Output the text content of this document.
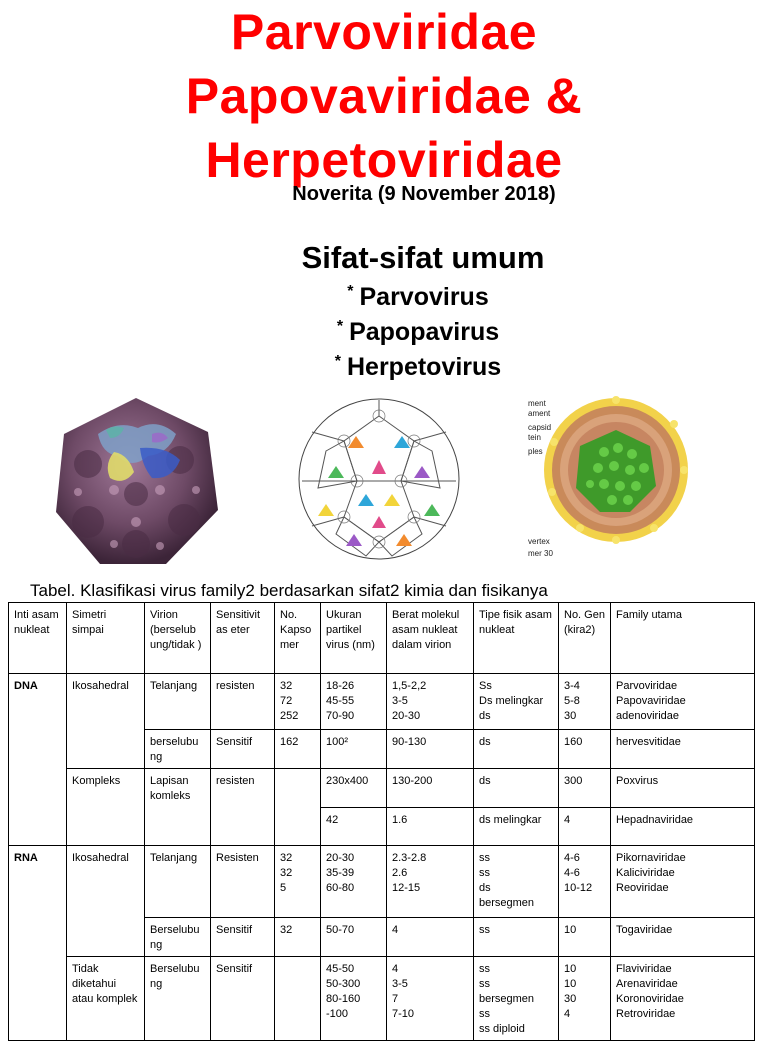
Parvoviridae
Papovaviridae &
Herpetoviridae
Noverita (9 November 2018)
Sifat-sifat umum
* Parvovirus
* Papopavirus
* Herpetovirus
ment
ament
capsid
tein
ples
vertex
mer 30
Tabel. Klasifikasi virus family2 berdasarkan sifat2 kimia dan fisikanya
Inti asam nukleat	Simetri simpai	Virion (berselub ung/tidak )	Sensitivit as eter	No. Kapso mer	Ukuran partikel virus (nm)	Berat molekul asam nukleat dalam virion	Tipe fisik asam nukleat	No. Gen (kira2)	Family utama
DNA	Ikosahedral	Telanjang	resisten	32
72
252	18-26
45-55
70-90	1,5-2,2
3-5
20-30	Ss
Ds melingkar
ds	3-4
5-8
30	Parvoviridae
Papovaviridae
adenoviridae
		berselubu ng	Sensitif	162	100²	90-130	ds	160	hervesvitidae
	Kompleks	Lapisan komleks	resisten		230x400	130-200	ds	300	Poxvirus
					42	1.6	ds melingkar	4	Hepadnaviridae
RNA	Ikosahedral	Telanjang	Resisten	32
32
5	20-30
35-39
60-80	2.3-2.8
2.6
12-15	ss
ss
ds
bersegmen	4-6
4-6
10-12	Pikornaviridae
Kaliciviridae
Reoviridae
		Berselubu ng	Sensitif	32	50-70	4	ss	10	Togaviridae
	Tidak diketahui atau komplek	Berselubu ng	Sensitif		45-50
50-300
80-160
-100	4
3-5
7
7-10	ss
ss
bersegmen
ss
ss diploid	10
10
30
4	Flaviviridae
Arenaviridae
Koronoviridae
Retroviridae
